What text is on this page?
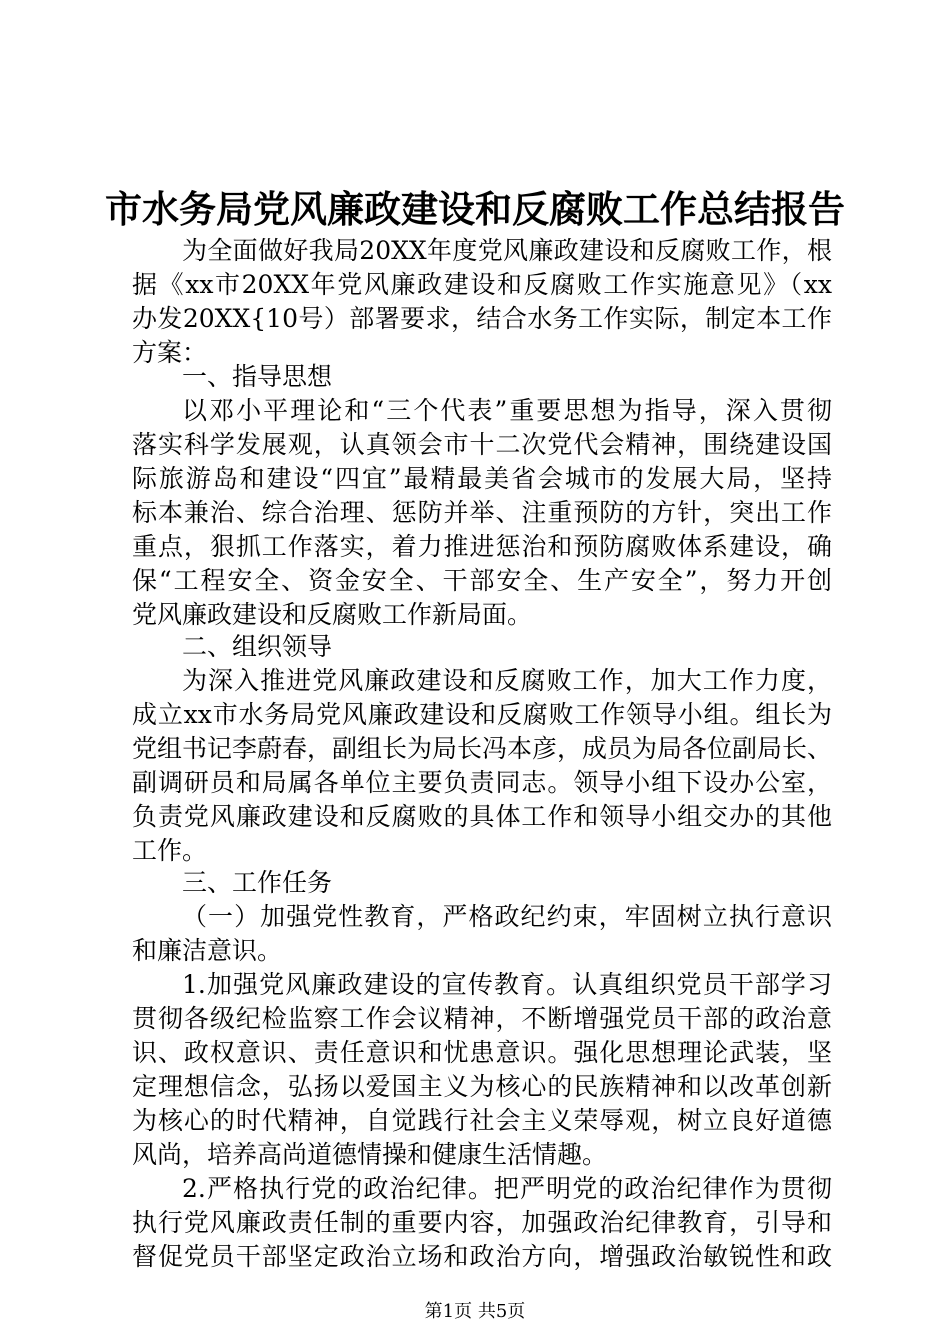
市水务局党风廉政建设和反腐败工作总结报告

为全面做好我局20XX年度党风廉政建设和反腐败工作，根

据《xx市20XX年党风廉政建设和反腐败工作实施意见》（xx

办发20XX{10号）部署要求，结合水务工作实际，制定本工作

方案：

一、指导思想

以邓小平理论和“三个代表”重要思想为指导，深入贯彻

落实科学发展观，认真领会市十二次党代会精神，围绕建设国

际旅游岛和建设“四宜”最精最美省会城市的发展大局，坚持

标本兼治、综合治理、惩防并举、注重预防的方针，突出工作

重点，狠抓工作落实，着力推进惩治和预防腐败体系建设，确

保“工程安全、资金安全、干部安全、生产安全”，努力开创

党风廉政建设和反腐败工作新局面。

二、组织领导

为深入推进党风廉政建设和反腐败工作，加大工作力度，

成立xx市水务局党风廉政建设和反腐败工作领导小组。组长为

党组书记李蔚春，副组长为局长冯本彦，成员为局各位副局长、

副调研员和局属各单位主要负责同志。领导小组下设办公室，

负责党风廉政建设和反腐败的具体工作和领导小组交办的其他

工作。

三、工作任务

（一）加强党性教育，严格政纪约束，牢固树立执行意识

和廉洁意识。

1.加强党风廉政建设的宣传教育。认真组织党员干部学习

贯彻各级纪检监察工作会议精神，不断增强党员干部的政治意

识、政权意识、责任意识和忧患意识。强化思想理论武装，坚

定理想信念，弘扬以爱国主义为核心的民族精神和以改革创新

为核心的时代精神，自觉践行社会主义荣辱观，树立良好道德

风尚，培养高尚道德情操和健康生活情趣。

2.严格执行党的政治纪律。把严明党的政治纪律作为贯彻

执行党风廉政责任制的重要内容，加强政治纪律教育，引导和

督促党员干部坚定政治立场和政治方向，增强政治敏锐性和政

第1页 共5页
